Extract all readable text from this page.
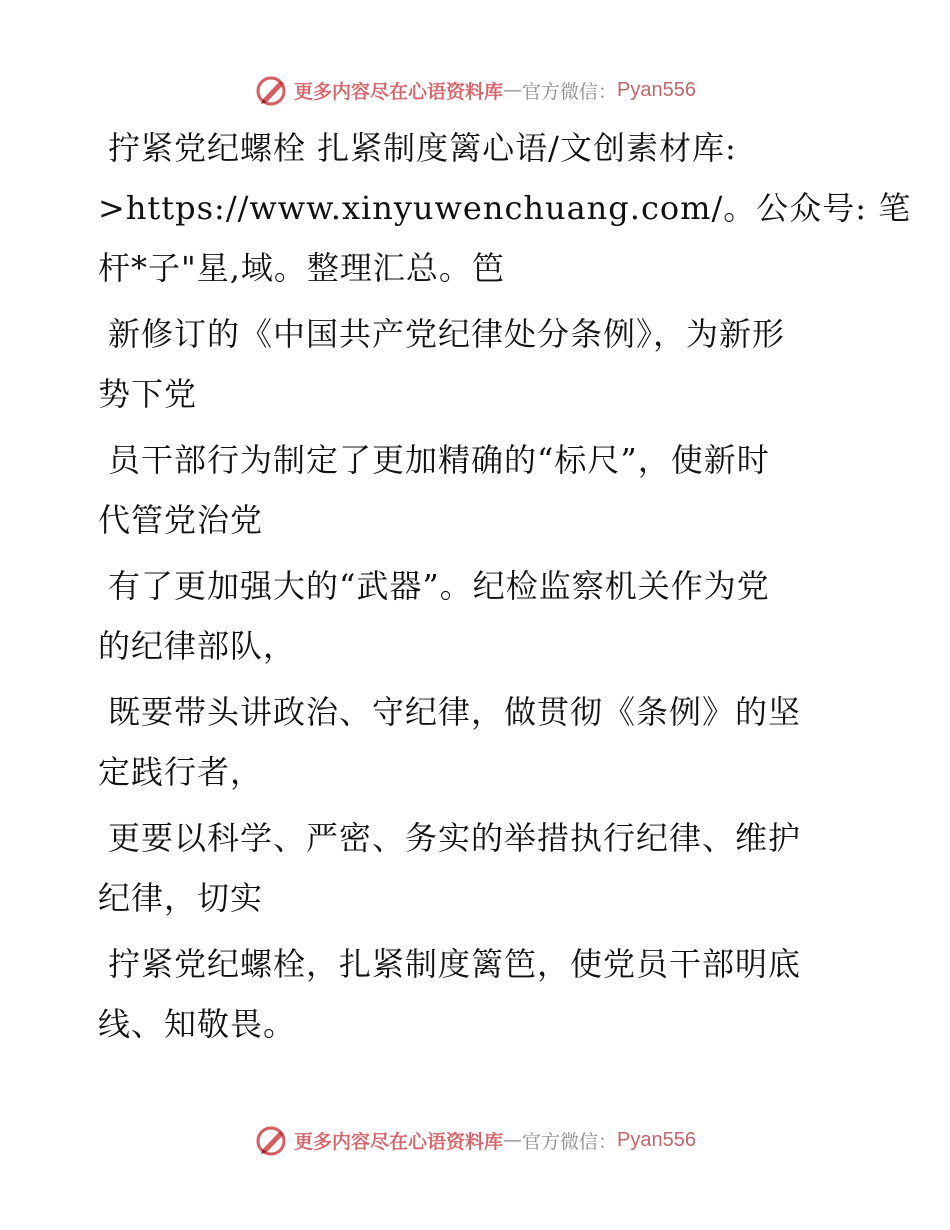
更多内容尽在心语资料库 — 官方微信： Pyan556
拧紧党纪螺栓 扎紧制度篱心语/文创素材库:
>https://www.xinyuwenchuang.com/。公众号: 笔
杆*子"星,域。整理汇总。笆
新修订的《中国共产党纪律处分条例》，为新形
势下党
员干部行为制定了更加精确的“标尺”，使新时
代管党治党
有了更加强大的“武器”。纪检监察机关作为党
的纪律部队，
既要带头讲政治、守纪律，做贯彻《条例》的坚
定践行者，
更要以科学、严密、务实的举措执行纪律、维护
纪律，切实
拧紧党纪螺栓，扎紧制度篱笆，使党员干部明底
线、知敬畏。
更多内容尽在心语资料库 — 官方微信： Pyan556
